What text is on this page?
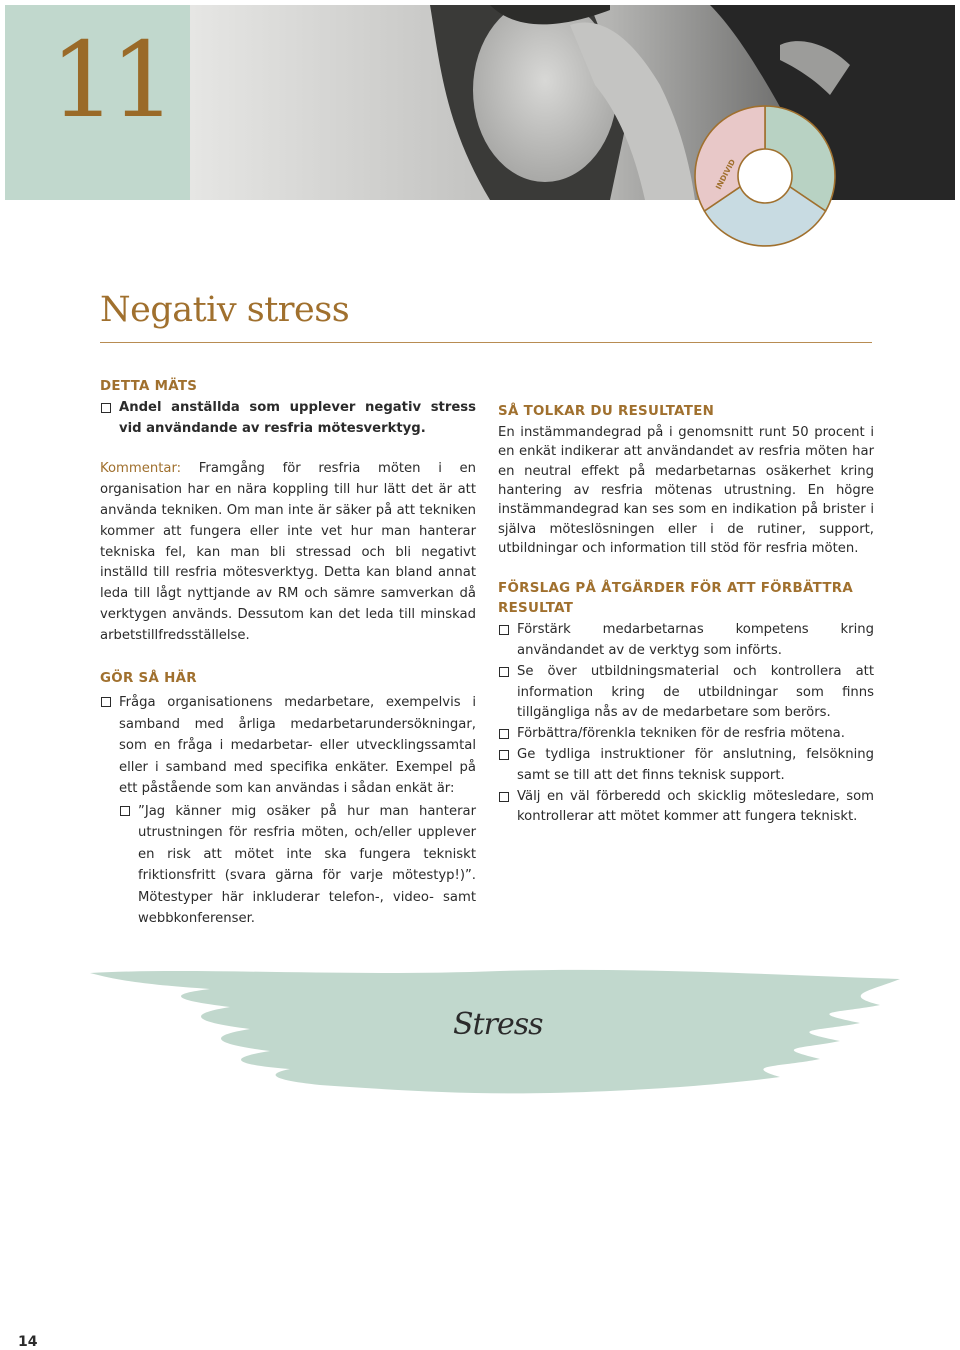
11
INDIVID
Negativ stress

DETTA MÄTS

Andel anställda som upplever negativ stress vid användande av resfria mötesverktyg.

Kommentar: Framgång för resfria möten i en organisation har en nära koppling till hur lätt det är att använda tekniken. Om man inte är säker på att tekniken kommer att fungera eller inte vet hur man hanterar tekniska fel, kan man bli stressad och bli negativt inställd till resfria mötesverktyg. Detta kan bland annat leda till lågt nyttjande av RM och sämre samverkan då verktygen används. Dessutom kan det leda till minskad arbetstillfredsställelse.

GÖR SÅ HÄR

Fråga organisationens medarbetare, exempelvis i samband med årliga medarbetarundersökningar, som en fråga i medarbetar- eller utvecklingssamtal eller i samband med specifika enkäter. Exempel på ett påstående som kan användas i sådan enkät är:

”Jag känner mig osäker på hur man hanterar utrustningen för resfria möten, och/eller upplever en risk att mötet inte ska fungera tekniskt friktionsfritt (svara gärna för varje mötestyp!)”. Mötestyper här inkluderar telefon-, video- samt webbkonferenser.

SÅ TOLKAR DU RESULTATEN

En instämmandegrad på i genomsnitt runt 50 procent i en enkät indikerar att användandet av resfria möten har en neutral effekt på medarbetarnas osäkerhet kring hantering av resfria mötenas utrustning. En högre instämmandegrad kan ses som en indikation på brister i själva möteslösningen eller i de rutiner, support, utbildningar och information till stöd för resfria möten.

FÖRSLAG PÅ ÅTGÄRDER FÖR ATT FÖRBÄTTRA RESULTAT

Förstärk medarbetarnas kompetens kring användandet av de verktyg som införts.

Se över utbildningsmaterial och kontrollera att information kring de utbildningar som finns tillgängliga nås av de medarbetare som berörs.

Förbättra/förenkla tekniken för de resfria mötena.

Ge tydliga instruktioner för anslutning, felsökning samt se till att det finns teknisk support.

Välj en väl förberedd och skicklig mötesledare, som kontrollerar att mötet kommer att fungera tekniskt.

Stress
14
